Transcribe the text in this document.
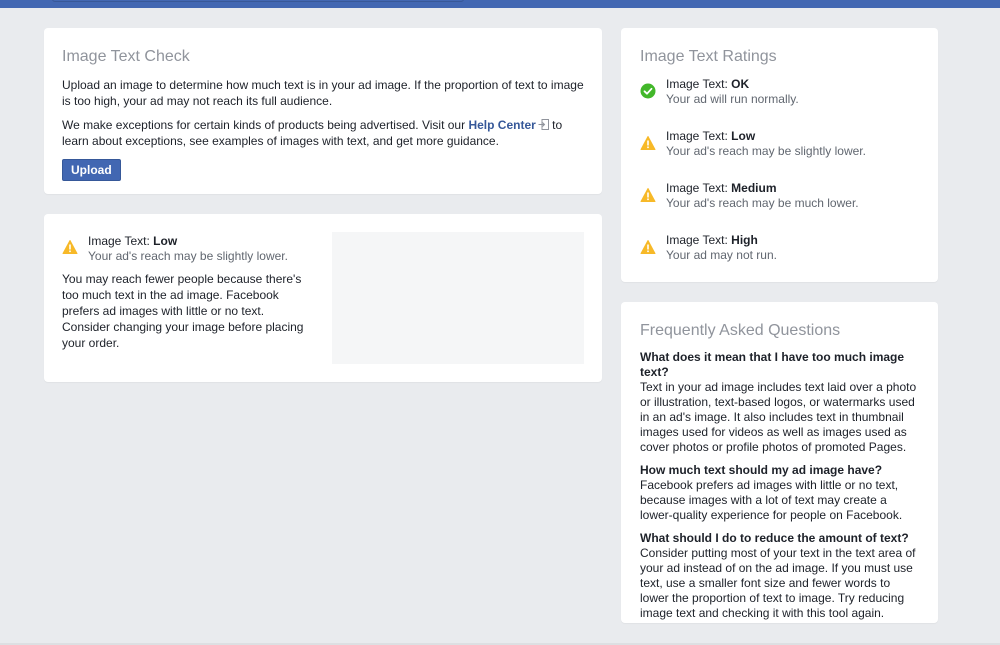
Image Text Check

Upload an image to determine how much text is in your ad image. If the proportion of text to image is too high, your ad may not reach its full audience.

We make exceptions for certain kinds of products being advertised. Visit our Help Center to learn about exceptions, see examples of images with text, and get more guidance.

Upload
Image Text: Low
Your ad's reach may be slightly lower.

You may reach fewer people because there's too much text in the ad image. Facebook prefers ad images with little or no text. Consider changing your image before placing your order.

Image Text Ratings
Image Text: OK
Your ad will run normally.
Image Text: Low
Your ad's reach may be slightly lower.
Image Text: Medium
Your ad's reach may be much lower.
Image Text: High
Your ad may not run.
Frequently Asked Questions
What does it mean that I have too much image text?
Text in your ad image includes text laid over a photo or illustration, text-based logos, or watermarks used in an ad's image. It also includes text in thumbnail images used for videos as well as images used as cover photos or profile photos of promoted Pages.
How much text should my ad image have?
Facebook prefers ad images with little or no text, because images with a lot of text may create a lower-quality experience for people on Facebook.
What should I do to reduce the amount of text?
Consider putting most of your text in the text area of your ad instead of on the ad image. If you must use text, use a smaller font size and fewer words to lower the proportion of text to image. Try reducing image text and checking it with this tool again.
